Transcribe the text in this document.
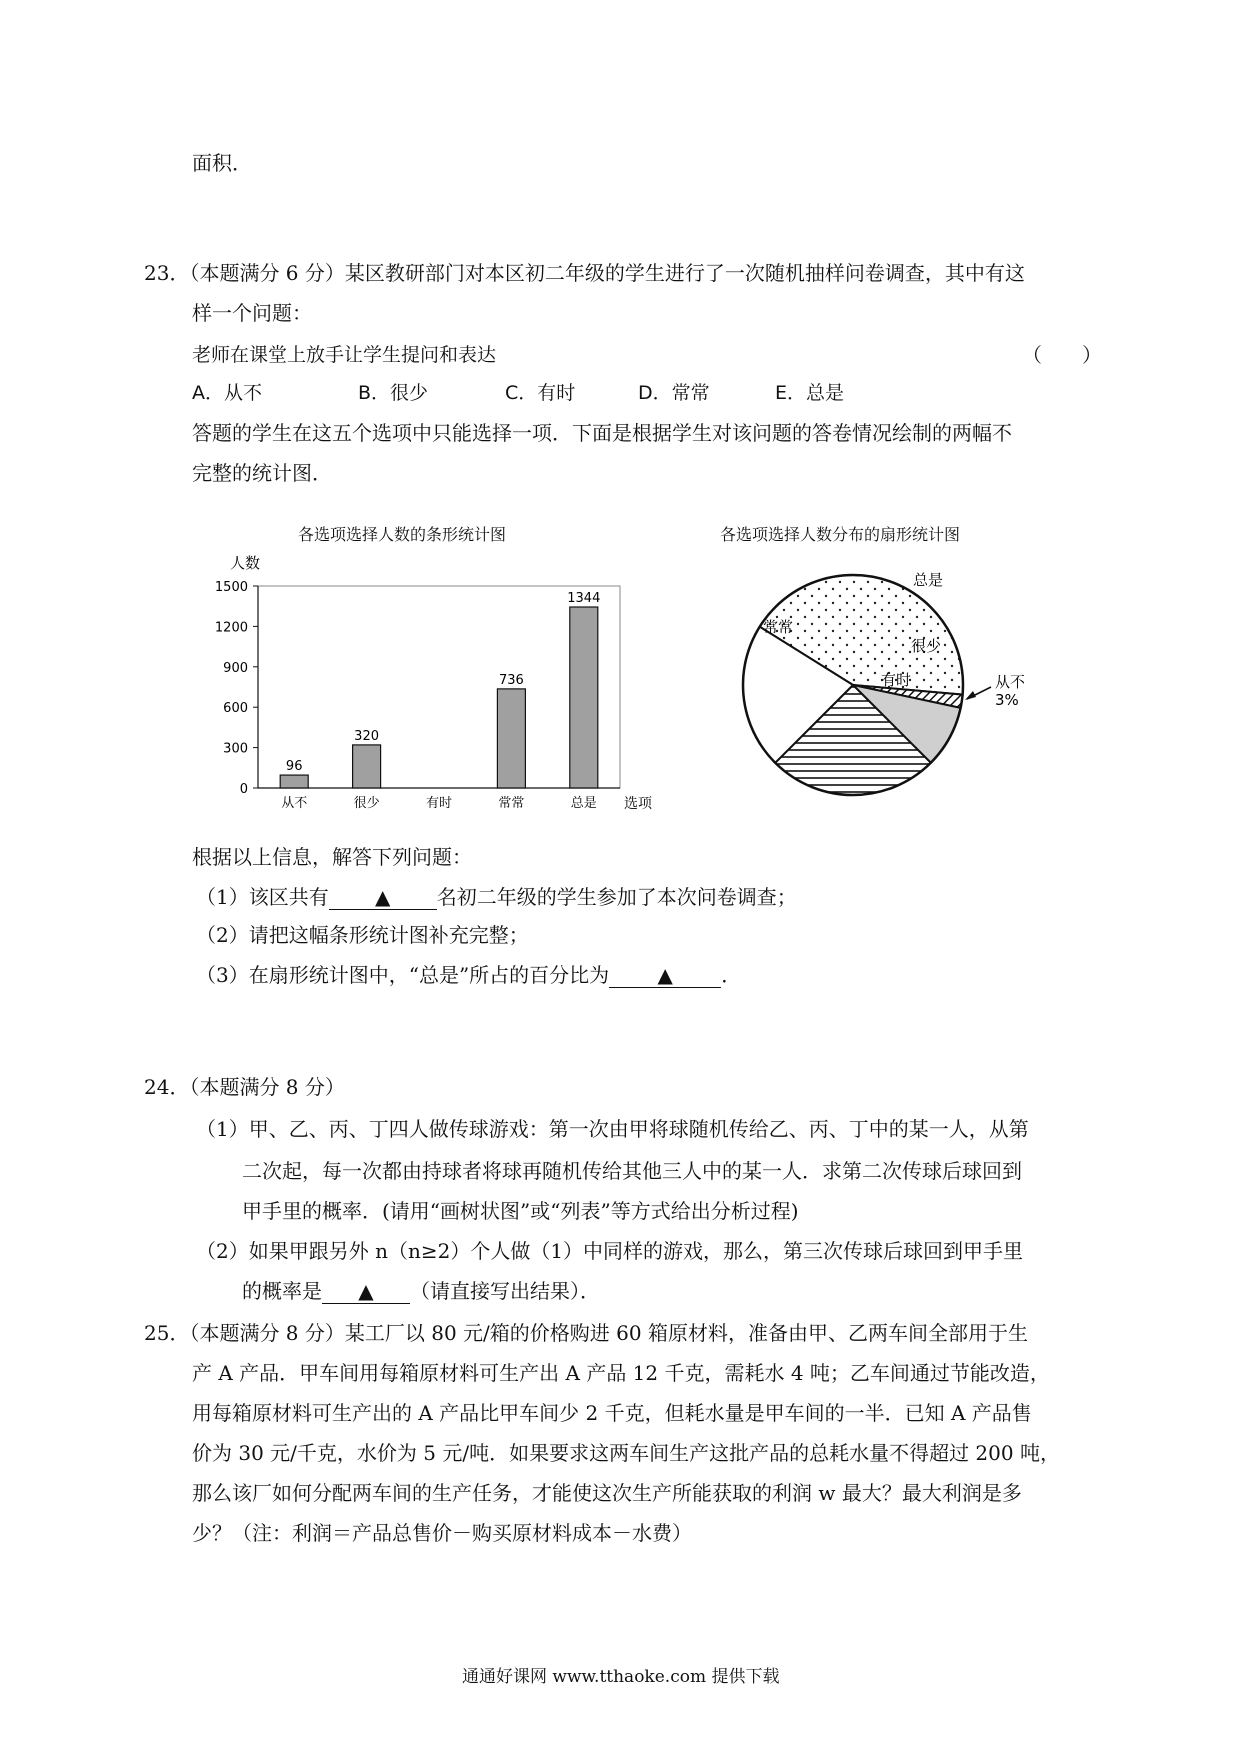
面积．
23．（本题满分 6 分）某区教研部门对本区初二年级的学生进行了一次随机抽样问卷调查，其中有这
样一个问题：
老师在课堂上放手让学生提问和表达	（　　）
A．从不	B．很少	C．有时	D．常常	E．总是
答题的学生在这五个选项中只能选择一项．下面是根据学生对该问题的答卷情况绘制的两幅不
完整的统计图．
各选项选择人数的条形统计图
人数
0
300
600
900
1200
1500
96
从不
320
很少	有时
736
常常
1344
总是 选项
各选项选择人数分布的扇形统计图
总是
很少
有时
常常
从不
3%
根据以上信息，解答下列问题：
（1）该区共有 ▲ 名初二年级的学生参加了本次问卷调查；
（2）请把这幅条形统计图补充完整；
（3）在扇形统计图中，“总是”所占的百分比为 ▲ ．
24．（本题满分 8 分）
（1）甲、乙、丙、丁四人做传球游戏：第一次由甲将球随机传给乙、丙、丁中的某一人，从第
二次起，每一次都由持球者将球再随机传给其他三人中的某一人．求第二次传球后球回到
甲手里的概率．(请用“画树状图”或“列表”等方式给出分析过程)
（2）如果甲跟另外 n（n≥2）个人做（1）中同样的游戏，那么，第三次传球后球回到甲手里
的概率是 ▲ （请直接写出结果）．
25．（本题满分 8 分）某工厂以 80 元/箱的价格购进 60 箱原材料，准备由甲、乙两车间全部用于生
产 A 产品．甲车间用每箱原材料可生产出 A 产品 12 千克，需耗水 4 吨；乙车间通过节能改造，
用每箱原材料可生产出的 A 产品比甲车间少 2 千克，但耗水量是甲车间的一半．已知 A 产品售
价为 30 元/千克，水价为 5 元/吨．如果要求这两车间生产这批产品的总耗水量不得超过 200 吨，
那么该厂如何分配两车间的生产任务，才能使这次生产所能获取的利润 w 最大？最大利润是多
少？（注：利润＝产品总售价－购买原材料成本－水费）
通通好课网 www.tthaoke.com 提供下载
